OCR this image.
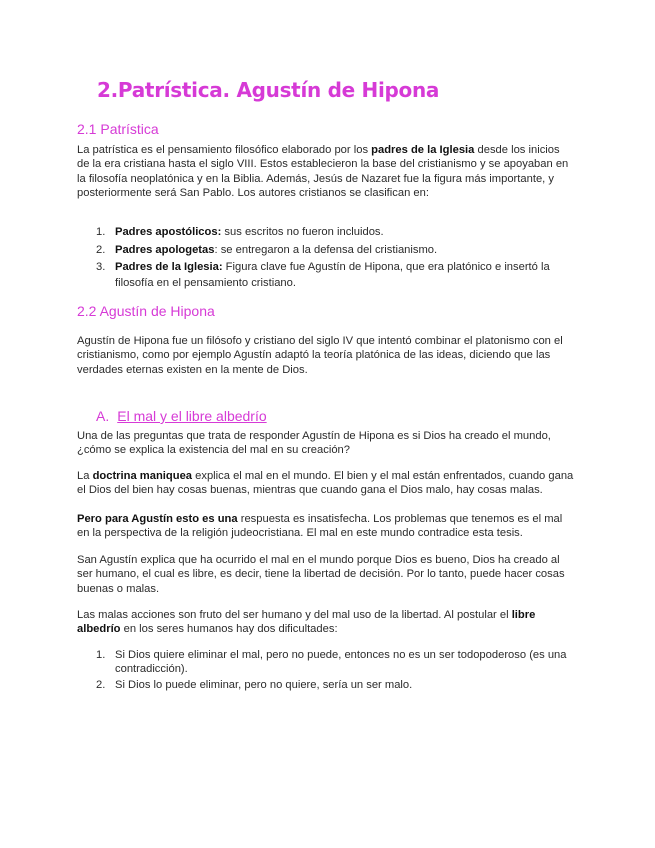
2.Patrística. Agustín de Hipona
2.1 Patrística
La patrística es el pensamiento filosófico elaborado por los padres de la Iglesia desde los inicios de la era cristiana hasta el siglo VIII. Estos establecieron la base del cristianismo y se apoyaban en la filosofía neoplatónica y en la Biblia. Además, Jesús de Nazaret fue la figura más importante, y posteriormente será San Pablo. Los autores cristianos se clasifican en:
1. Padres apostólicos: sus escritos no fueron incluidos.
2. Padres apologetas: se entregaron a la defensa del cristianismo.
3. Padres de la Iglesia: Figura clave fue Agustín de Hipona, que era platónico e insertó la filosofía en el pensamiento cristiano.
2.2 Agustín de Hipona
Agustín de Hipona fue un filósofo y cristiano del siglo IV que intentó combinar el platonismo con el cristianismo, como por ejemplo Agustín adaptó la teoría platónica de las ideas, diciendo que las verdades eternas existen en la mente de Dios.
A. El mal y el libre albedrío
Una de las preguntas que trata de responder Agustín de Hipona es si Dios ha creado el mundo, ¿cómo se explica la existencia del mal en su creación?
La doctrina maniquea explica el mal en el mundo. El bien y el mal están enfrentados, cuando gana el Dios del bien hay cosas buenas, mientras que cuando gana el Dios malo, hay cosas malas.
Pero para Agustín esto es una respuesta es insatisfecha. Los problemas que tenemos es el mal en la perspectiva de la religión judeocristiana. El mal en este mundo contradice esta tesis.
San Agustín explica que ha ocurrido el mal en el mundo porque Dios es bueno, Dios ha creado al ser humano, el cual es libre, es decir, tiene la libertad de decisión. Por lo tanto, puede hacer cosas buenas o malas.
Las malas acciones son fruto del ser humano y del mal uso de la libertad. Al postular el libre albedrío en los seres humanos hay dos dificultades:
1. Si Dios quiere eliminar el mal, pero no puede, entonces no es un ser todopoderoso (es una contradicción).
2. Si Dios lo puede eliminar, pero no quiere, sería un ser malo.
